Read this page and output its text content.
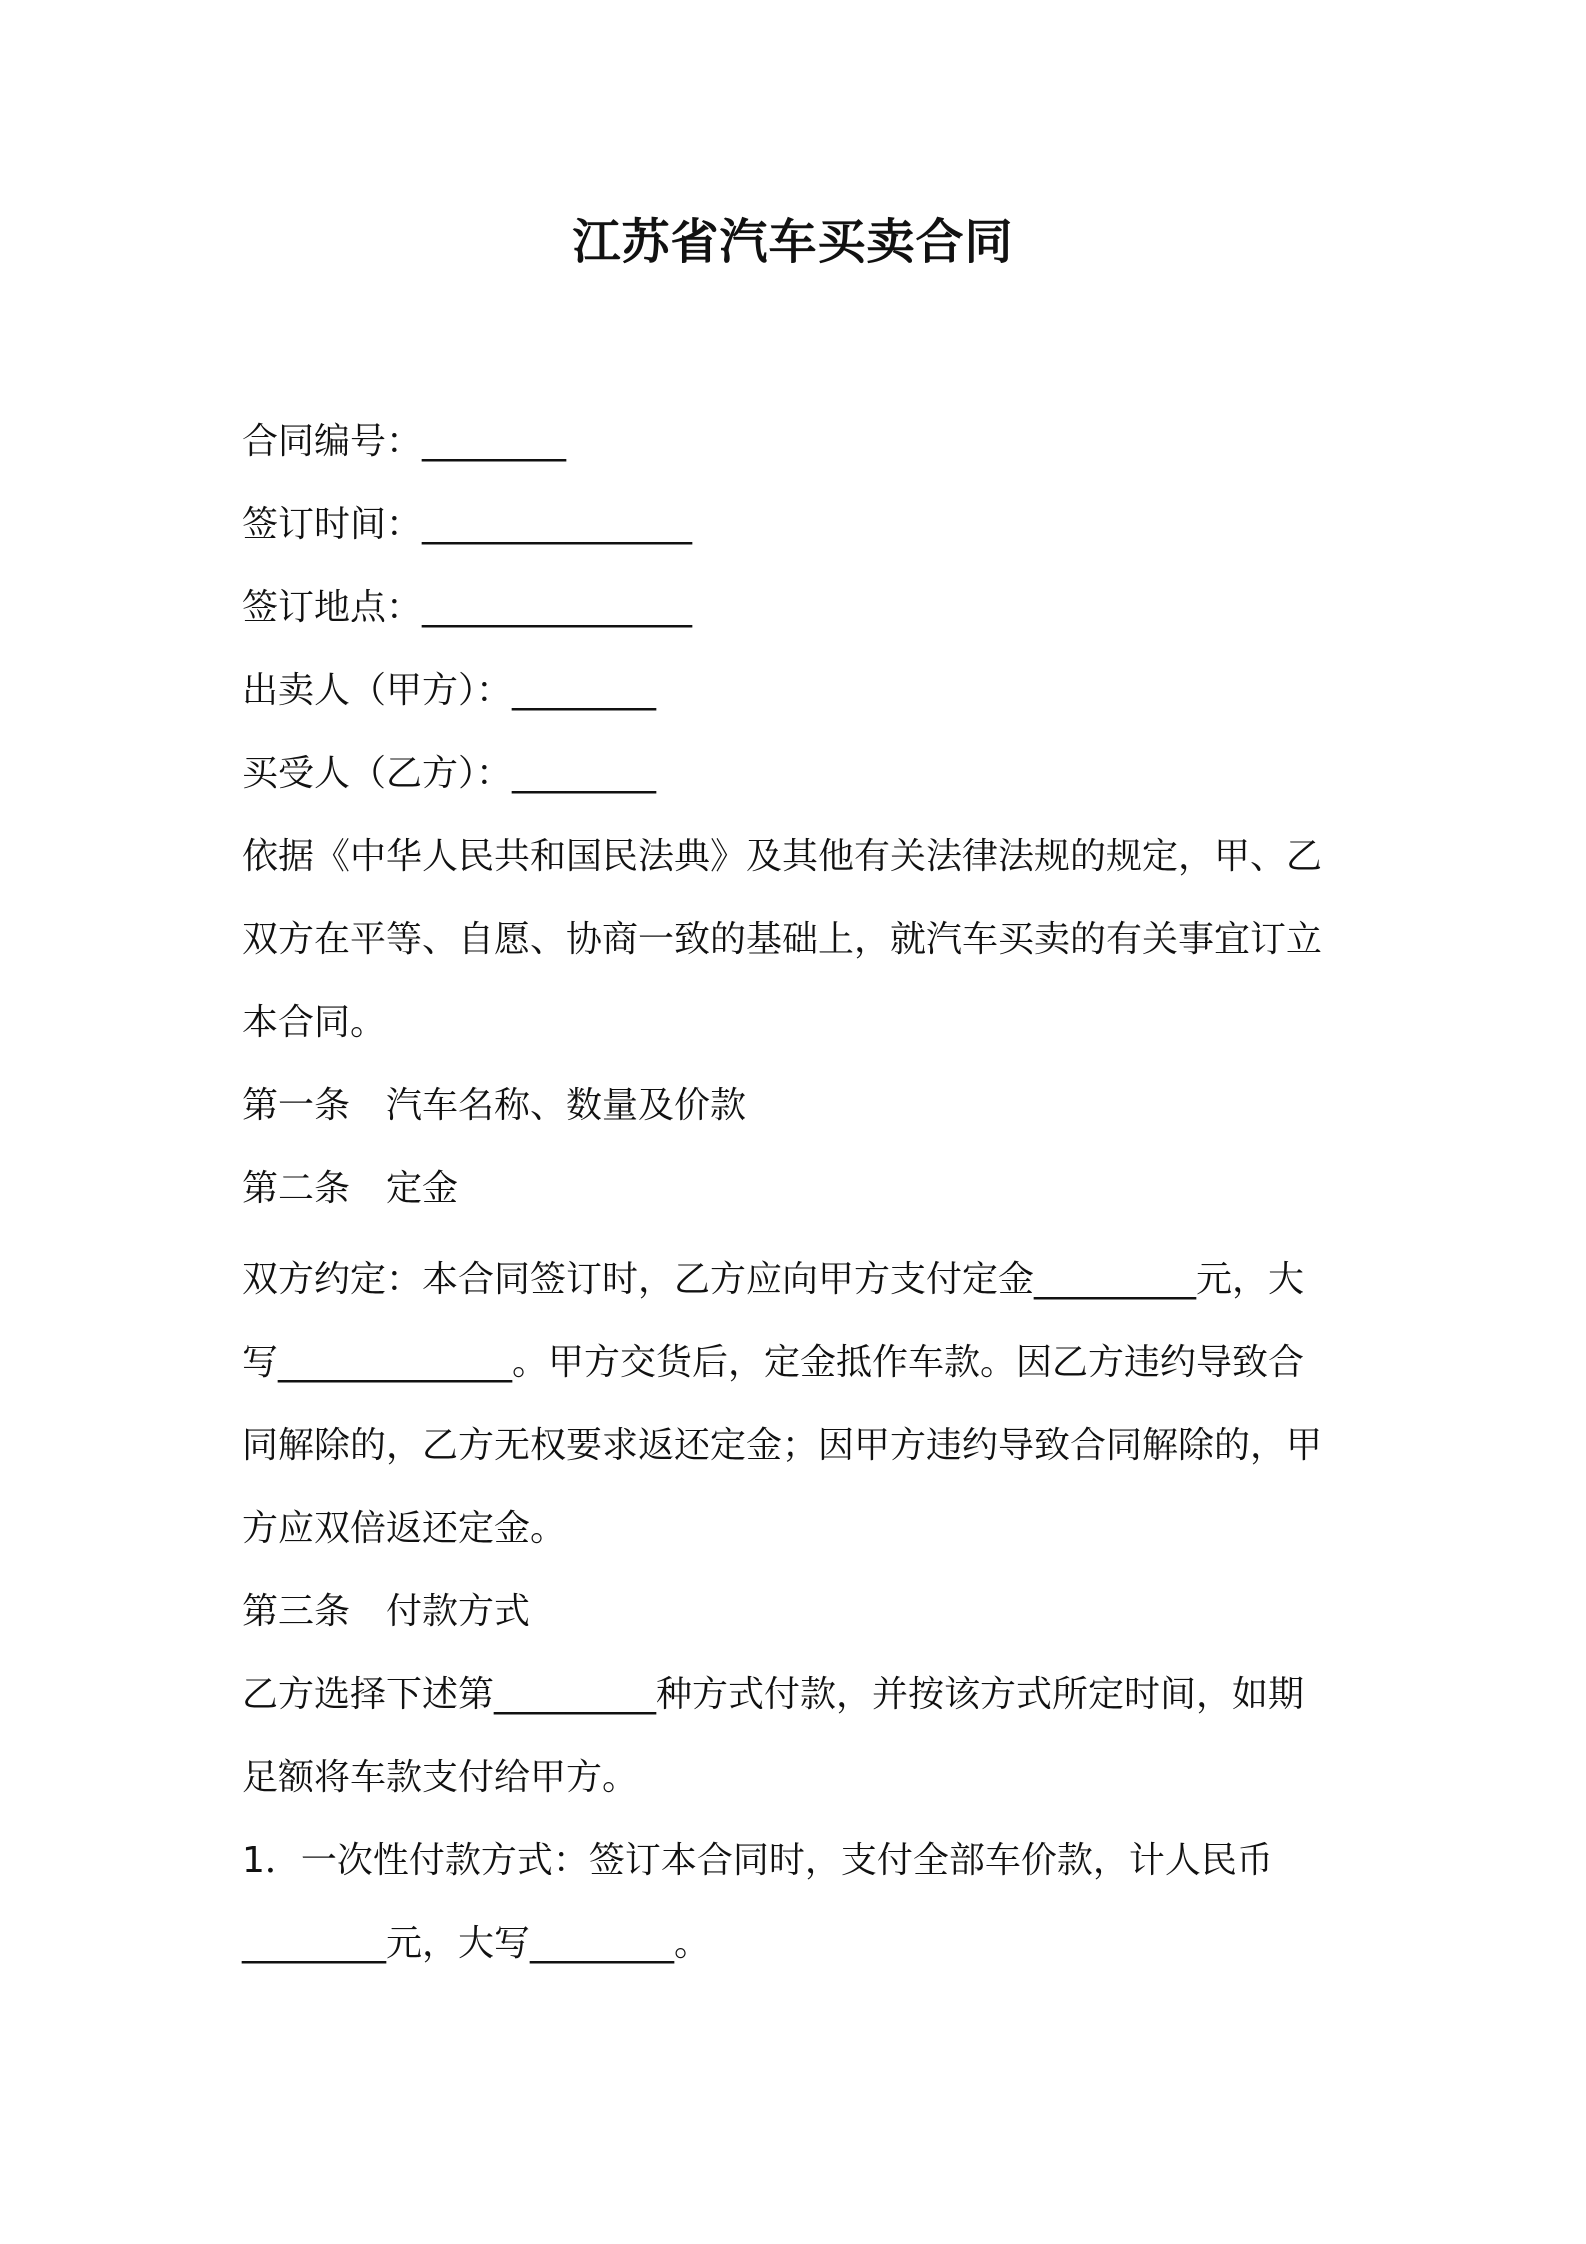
江苏省汽车买卖合同
合同编号：________
签订时间：_______________
签订地点：_______________
出卖人（甲方）：________
买受人（乙方）：________
依据《中华人民共和国民法典》及其他有关法律法规的规定，甲、乙
双方在平等、自愿、协商一致的基础上，就汽车买卖的有关事宜订立
本合同。
第一条　汽车名称、数量及价款
第二条　定金
双方约定：本合同签订时，乙方应向甲方支付定金_________元，大
写_____________。甲方交货后，定金抵作车款。因乙方违约导致合
同解除的，乙方无权要求返还定金；因甲方违约导致合同解除的，甲
方应双倍返还定金。
第三条　付款方式
乙方选择下述第_________种方式付款，并按该方式所定时间，如期
足额将车款支付给甲方。
1．一次性付款方式：签订本合同时，支付全部车价款，计人民币
________元，大写________。
